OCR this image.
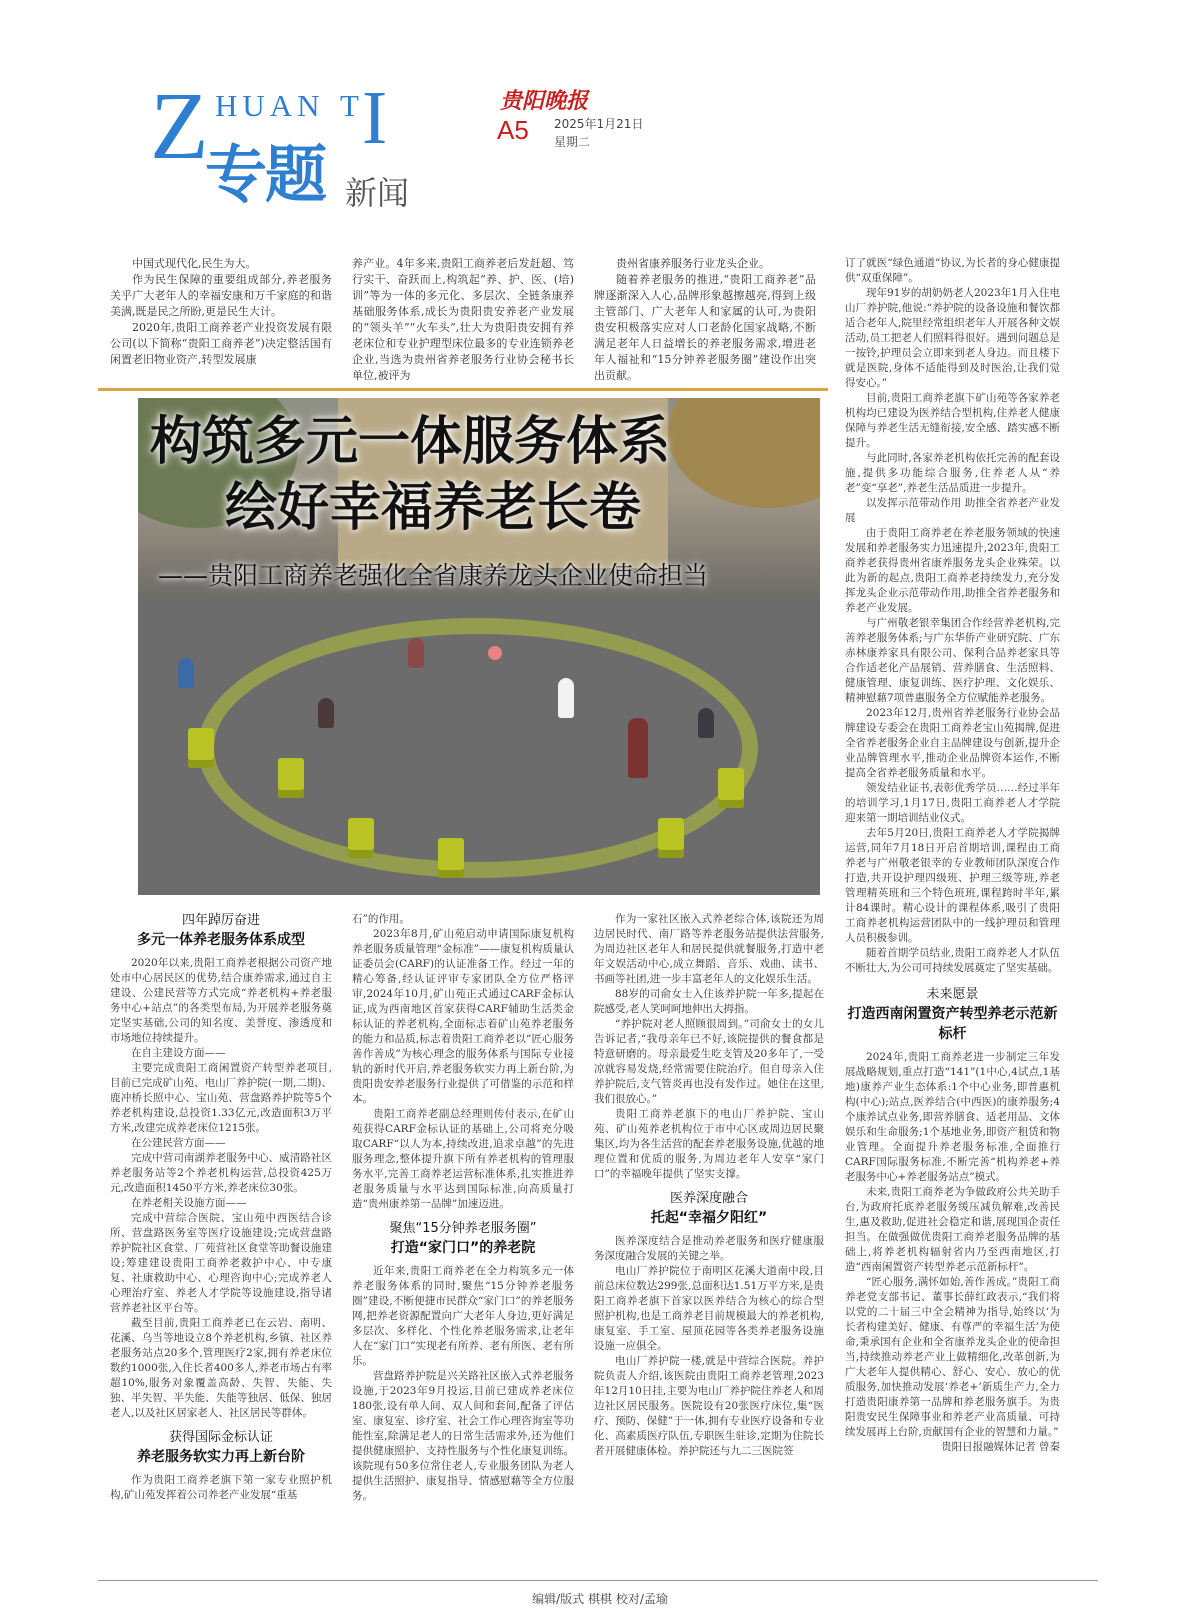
Z HUAN T I
专题 新闻
贵阳晚报
A5 2025年1月21日
星期二

中国式现代化,民生为大。

作为民生保障的重要组成部分,养老服务关乎广大老年人的幸福安康和万千家庭的和谐美满,既是民之所盼,更是民生大计。

2020年,贵阳工商养老产业投资发展有限公司(以下简称“贵阳工商养老”)决定整活国有闲置老旧物业资产,转型发展康

养产业。4年多来,贵阳工商养老后发赶超、笃行实干、奋跃而上,构筑起“养、护、医、(培)训”等为一体的多元化、多层次、全链条康养基础服务体系,成长为贵阳贵安养老产业发展的“领头羊”“火车头”,壮大为贵阳贵安拥有养老床位和专业护理型床位最多的专业连锁养老企业,当选为贵州省养老服务行业协会秘书长单位,被评为

贵州省康养服务行业龙头企业。

随着养老服务的推进,“贵阳工商养老”品牌逐渐深入人心,品牌形象越擦越亮,得到上级主管部门、广大老年人和家属的认可,为贵阳贵安积极落实应对人口老龄化国家战略,不断满足老年人日益增长的养老服务需求,增进老年人福祉和“15分钟养老服务圈”建设作出突出贡献。

构筑多元一体服务体系
绘好幸福养老长卷
——贵阳工商养老强化全省康养龙头企业使命担当

订了就医“绿色通道”协议,为长者的身心健康提供“双重保障”。

现年91岁的胡奶奶老人2023年1月入住电山厂养护院,他说:“养护院的设备设施和餐饮都适合老年人,院里经常组织老年人开展各种文娱活动,员工把老人们照料得很好。遇到问题总是一按铃,护理员会立即来到老人身边。而且楼下就是医院,身体不适能得到及时医治,让我们觉得安心。”

目前,贵阳工商养老旗下矿山苑等各家养老机构均已建设为医养结合型机构,住养老人健康保障与养老生活无缝衔接,安全感、踏实感不断提升。

与此同时,各家养老机构依托完善的配套设施,提供多功能综合服务,住养老人从“养老”变“享老”,养老生活品质进一步提升。

以发挥示范带动作用 助推全省养老产业发展

由于贵阳工商养老在养老服务领域的快速发展和养老服务实力迅速提升,2023年,贵阳工商养老获得贵州省康养服务龙头企业殊荣。以此为新的起点,贵阳工商养老持续发力,充分发挥龙头企业示范带动作用,助推全省养老服务和养老产业发展。

与广州敬老银幸集团合作经营养老机构,完善养老服务体系;与广东华侨产业研究院、广东赤林康养家具有限公司、保利合品养老家具等合作适老化产品展销、营养膳食、生活照料、健康管理、康复训练、医疗护理、文化娱乐、精神慰藉7项普惠服务全方位赋能养老服务。

2023年12月,贵州省养老服务行业协会品牌建设专委会在贵阳工商养老宝山苑揭牌,促进全省养老服务企业自主品牌建设与创新,提升企业品牌管理水平,推动企业品牌资本运作,不断提高全省养老服务质量和水平。

领发结业证书,表彰优秀学员……经过半年的培训学习,1月17日,贵阳工商养老人才学院迎来第一期培训结业仪式。

去年5月20日,贵阳工商养老人才学院揭牌运营,同年7月18日开启首期培训,课程由工商养老与广州敬老银幸的专业教师团队深度合作打造,共开设护理四级班、护理三级等班,养老管理精英班和三个特色班班,课程跨时半年,累计84课时。精心设计的课程体系,吸引了贵阳工商养老机构运营团队中的一线护理员和管理人员积极参训。

随着首期学员结业,贵阳工商养老人才队伍不断壮大,为公司可持续发展奠定了坚实基础。

未来愿景
打造西南闲置资产转型养老示范新标杆

2024年,贵阳工商养老进一步制定三年发展战略规划,重点打造“141”(1中心,4试点,1基地)康养产业生态体系:1个中心业务,即普惠机构(中心);站点,医养结合(中西医)的康养服务;4个康养试点业务,即营养膳食、适老用品、文体娱乐和生命服务;1个基地业务,即资产租赁和物业管理。全面提升养老服务标准,全面推行CARF国际服务标准,不断完善“机构养老+养老服务中心+养老服务站点”模式。

未来,贵阳工商养老为争做政府公共关助手台,为政府托底养老服务缓压减负解难,改善民生,惠及救助,促进社会稳定和谐,展现国企责任担当。在做强做优贵阳工商养老服务品牌的基础上,将养老机构辐射省内乃至西南地区,打造“西南闲置资产转型养老示范新标杆”。

“匠心服务,满怀如始,善作善成。”贵阳工商养老党支部书记、董事长薛红政表示,“我们将以党的二十届三中全会精神为指导,始终以‘为长者构建美好、健康、有尊严的幸福生活’为使命,秉承国有企业和全省康养龙头企业的使命担当,持续推动养老产业上做精细化,改革创新,为广大老年人提供精心、舒心、安心、放心的优质服务,加快推动发展‘养老+’新质生产力,全力打造贵阳康养第一品牌和养老服务旗手。为贵阳贵安民生保障事业和养老产业高质量、可持续发展再上台阶,贡献国有企业的智慧和力量。”

贵阳日报融媒体记者 曾秦

四年踔厉奋进
多元一体养老服务体系成型

2020年以来,贵阳工商养老根据公司资产地处市中心居民区的优势,结合康养需求,通过自主建设、公建民营等方式完成“养老机构+养老服务中心+站点”的各类型布局,为开展养老服务奠定坚实基础,公司的知名度、美誉度、渗透度和市场地位持续提升。

在自主建设方面——

主要完成贵阳工商闲置资产转型养老项目,目前已完成矿山苑、电山厂养护院(一期,二期)、鹿冲桥长照中心、宝山苑、营盘路养护院等5个养老机构建设,总投资1.33亿元,改造面积3万平方米,改建完成养老床位1215张。

在公建民营方面——

完成中营司南湖养老服务中心、威清路社区养老服务站等2个养老机构运营,总投资425万元,改造面积1450平方米,养老床位30张。

在养老相关设施方面——

完成中营综合医院、宝山苑中西医结合诊所、营盘路医务室等医疗设施建设;完成营盘路养护院社区食堂、厂苑营社区食堂等助餐设施建设;筹建建设贵阳工商养老救护中心、中专康复、社康救助中心、心理咨询中心;完成养老人心理治疗室、养老人才学院等设施建设,指导诸营养老社区平台等。

截至目前,贵阳工商养老已在云岩、南明、花溪、乌当等地设立8个养老机构,乡镇、社区养老服务站点20多个,管理医疗2家,拥有养老床位数约1000张,入住长者400多人,养老市场占有率超10%,服务对象覆盖高龄、失智、失能、失独、半失智、半失能、失能等独居、低保、独居老人,以及社区居家老人、社区居民等群体。

获得国际金标认证
养老服务软实力再上新台阶

作为贵阳工商养老旗下第一家专业照护机构,矿山苑发挥着公司养老产业发展“重基

石”的作用。

2023年8月,矿山苑启动申请国际康复机构养老服务质量管理“金标准”——康复机构质量认证委员会(CARF)的认证准备工作。经过一年的精心筹备,经认证评审专家团队全方位严格评审,2024年10月,矿山苑正式通过CARF金标认证,成为西南地区首家获得CARF辅助生活类金标认证的养老机构,全面标志着矿山苑养老服务的能力和品质,标志着贵阳工商养老以“匠心服务 善作善成”为核心理念的服务体系与国际专业接轨的新时代开启,养老服务软实力再上新台阶,为贵阳贵安养老服务行业提供了可借鉴的示范和样本。

贵阳工商养老副总经理则传付表示,在矿山苑获得CARF金标认证的基础上,公司将充分吸取CARF“以人为本,持续改进,追求卓越”的先进服务理念,整体提升旗下所有养老机构的管理服务水平,完善工商养老运营标准体系,扎实推进养老服务质量与水平达到国际标准,向高质量打造“贵州康养第一品牌”加速迈进。

聚焦“15分钟养老服务圈”
打造“家门口”的养老院

近年来,贵阳工商养老在全力构筑多元一体养老服务体系的同时,聚焦“15分钟养老服务圈”建设,不断便捷市民群众“家门口”的养老服务网,把养老资源配置向广大老年人身边,更好满足多层次、多样化、个性化养老服务需求,让老年人在“家门口”实现老有所养、老有所医、老有所乐。

营盘路养护院是兴关路社区嵌入式养老服务设施,于2023年9月投运,目前已建成养老床位180张,设有单人间、双人间和套间,配备了评估室、康复室、诊疗室、社会工作心理咨询室等功能性室,除满足老人的日常生活需求外,还为他们提供健康照护、支持性服务与个性化康复训练。该院现有50多位常住老人,专业服务团队为老人提供生活照护、康复指导、情感慰藉等全方位服务。

作为一家社区嵌入式养老综合体,该院还为周边居民时代、南厂路等养老服务站提供法营服务,为周边社区老年人和居民提供就餐服务,打造中老年文娱活动中心,成立舞蹈、音乐、戏曲、读书、书画等社团,进一步丰富老年人的文化娱乐生活。

88岁的司俞女士入住该养护院一年多,提起在院感受,老人笑呵呵地伸出大拇指。

“养护院对老人照顾很周到。”司俞女士的女儿告诉记者,“我母亲年已不好,该院提供的餐食都是特意研磨的。母亲最爱生吃支管及20多年了,一受凉就容易发烧,经常需要住院治疗。但自母亲入住养护院后,支气管炎再也没有发作过。她住在这里,我们很放心。”

贵阳工商养老旗下的电山厂养护院、宝山苑、矿山苑养老机构位于市中心区或周边居民聚集区,均为各生活营的配套养老服务设施,优越的地理位置和优质的服务,为周边老年人安享“家门口”的幸福晚年提供了坚实支撑。

医养深度融合
托起“幸福夕阳红”

医养深度结合是推动养老服务和医疗健康服务深度融合发展的关键之举。

电山厂养护院位于南明区花溪大道南中段,目前总床位数达299张,总面积达1.51万平方米,是贵阳工商养老旗下首家以医养结合为核心的综合型照护机构,也是工商养老目前规模最大的养老机构,康复室、手工室、屋顶花园等各类养老服务设施设施一应俱全。

电山厂养护院一楼,就是中营综合医院。养护院负责人介绍,该医院由贵阳工商养老管理,2023年12月10日挂,主要为电山厂养护院住养老人和周边社区居民服务。医院设有20张医疗床位,集“医疗、预防、保健”于一体,拥有专业医疗设备和专业化、高素质医疗队伍,专职医生驻诊,定期为住院长者开展健康体检。养护院还与九二三医院签

编辑/版式 棋棋 校对/孟瑜
